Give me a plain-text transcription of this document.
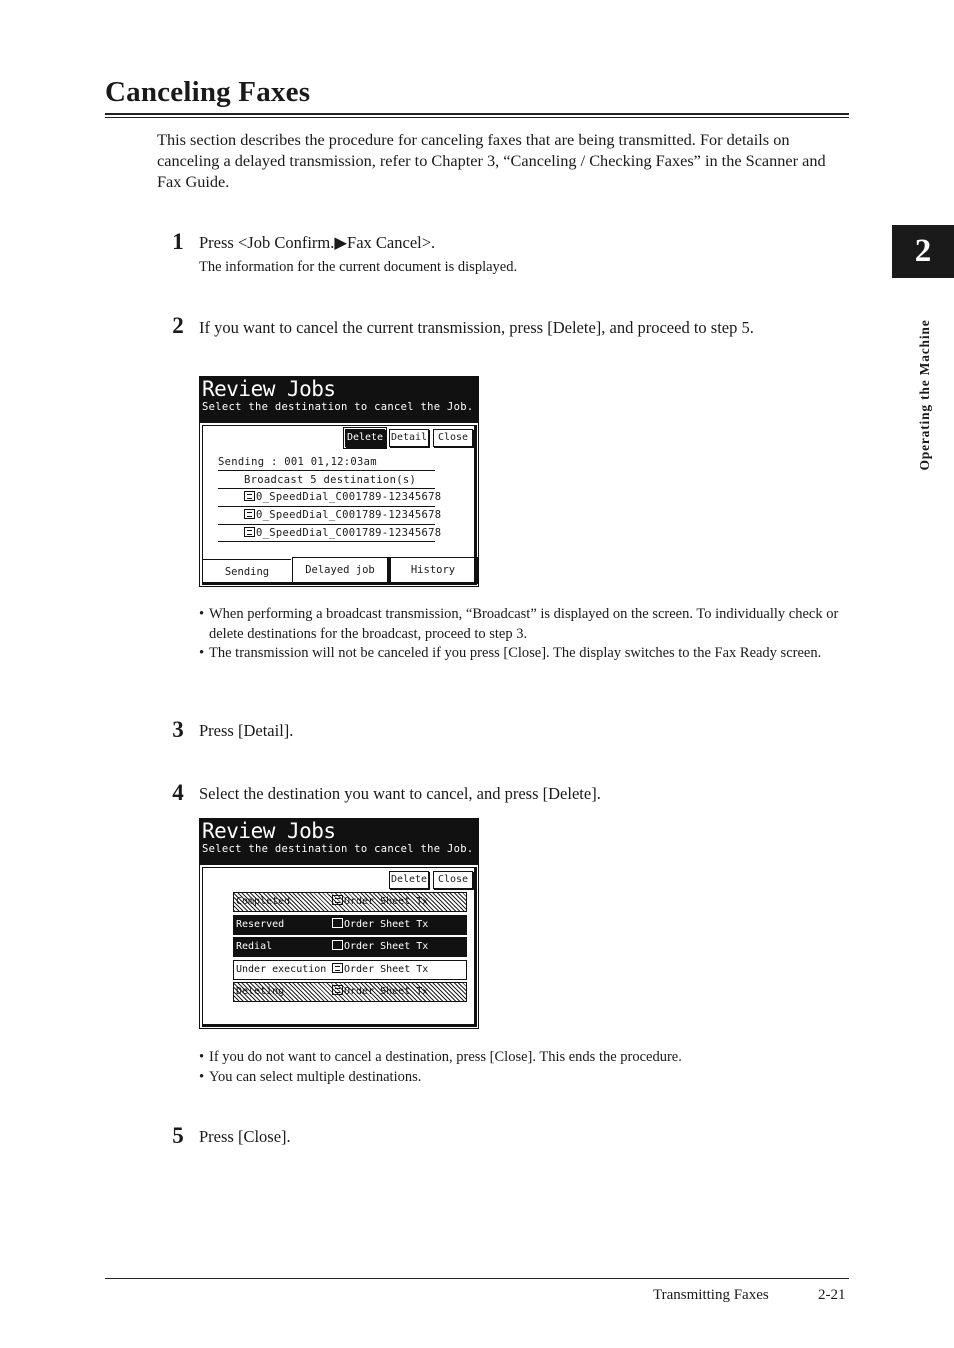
Canceling Faxes
This section describes the procedure for canceling faxes that are being transmitted. For details on canceling a delayed transmission, refer to Chapter 3, “Canceling / Checking Faxes” in the Scanner and Fax Guide.
2
Operating the Machine
1 Press <Job Confirm.▶Fax Cancel>.
The information for the current document is displayed.
2 If you want to cancel the current transmission, press [Delete], and proceed to step 5.
Review Jobs
Select the destination to cancel the Job.
Delete Detail	Close
Sending : 001 01,12:03am
Broadcast 5 destination(s)
0_SpeedDial_C001789-12345678
0_SpeedDial_C001789-12345678
0_SpeedDial_C001789-12345678
Sending	Delayed job	History
• When performing a broadcast transmission, “Broadcast” is displayed on the screen. To individually check or delete destinations for the broadcast, proceed to step 3.
• The transmission will not be canceled if you press [Close]. The display switches to the Fax Ready screen.
3 Press [Detail].
4 Select the destination you want to cancel, and press [Delete].
Review Jobs
Select the destination to cancel the Job.
Delete	Close
Completed	Order Sheet Tx
Reserved	Order Sheet Tx
Redial	Order Sheet Tx
Under execution	Order Sheet Tx
Deleting	Order Sheet Tx
• If you do not want to cancel a destination, press [Close]. This ends the procedure.
• You can select multiple destinations.
5 Press [Close].
Transmitting Faxes	2-21
